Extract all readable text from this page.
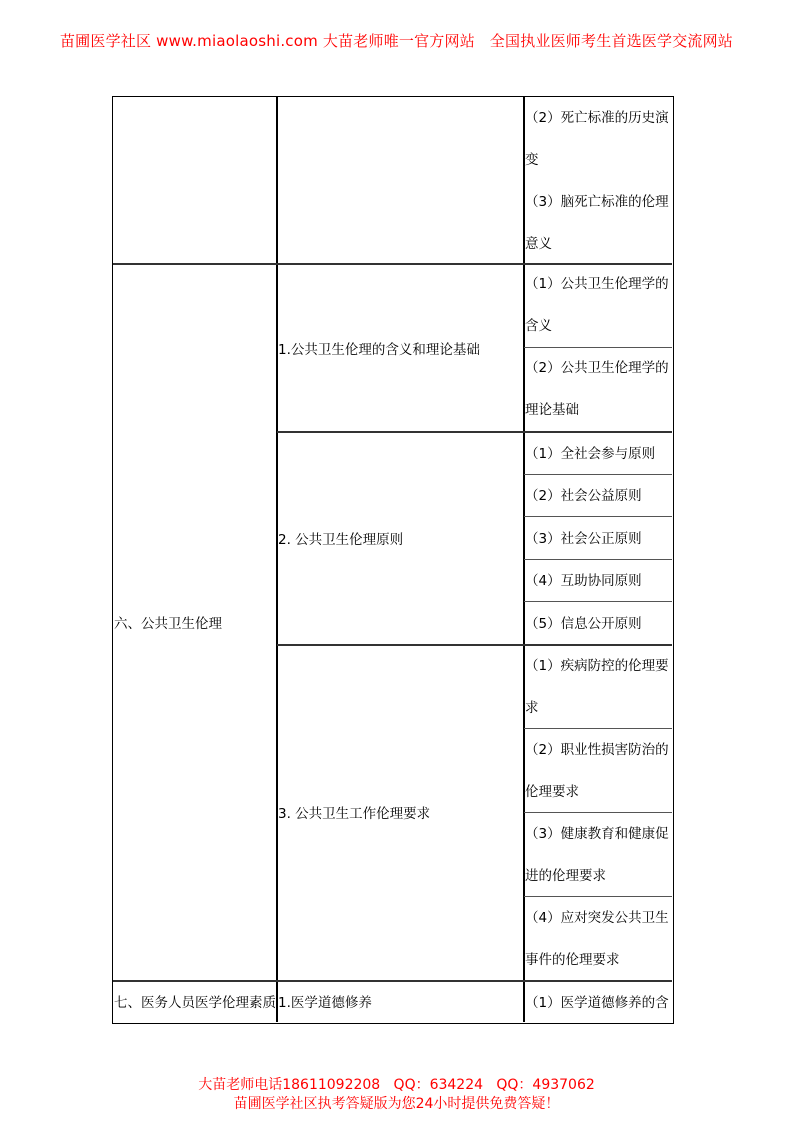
苗圃医学社区 www.miaolaoshi.com 大苗老师唯一官方网站   全国执业医师考生首选医学交流网站
（2）死亡标准的历史演
变
（3）脑死亡标准的伦理
意义
六、公共卫生伦理
1.公共卫生伦理的含义和理论基础
2. 公共卫生伦理原则
3. 公共卫生工作伦理要求
（1）公共卫生伦理学的
含义
（2）公共卫生伦理学的
理论基础
（1）全社会参与原则
（2）社会公益原则
（3）社会公正原则
（4）互助协同原则
（5）信息公开原则
（1）疾病防控的伦理要
求
（2）职业性损害防治的
伦理要求
（3）健康教育和健康促
进的伦理要求
（4）应对突发公共卫生
事件的伦理要求
七、医务人员医学伦理素质 1.医学道德修养	（1）医学道德修养的含
大苗老师电话18611092208   QQ：634224   QQ：4937062
苗圃医学社区执考答疑版为您24小时提供免费答疑！
